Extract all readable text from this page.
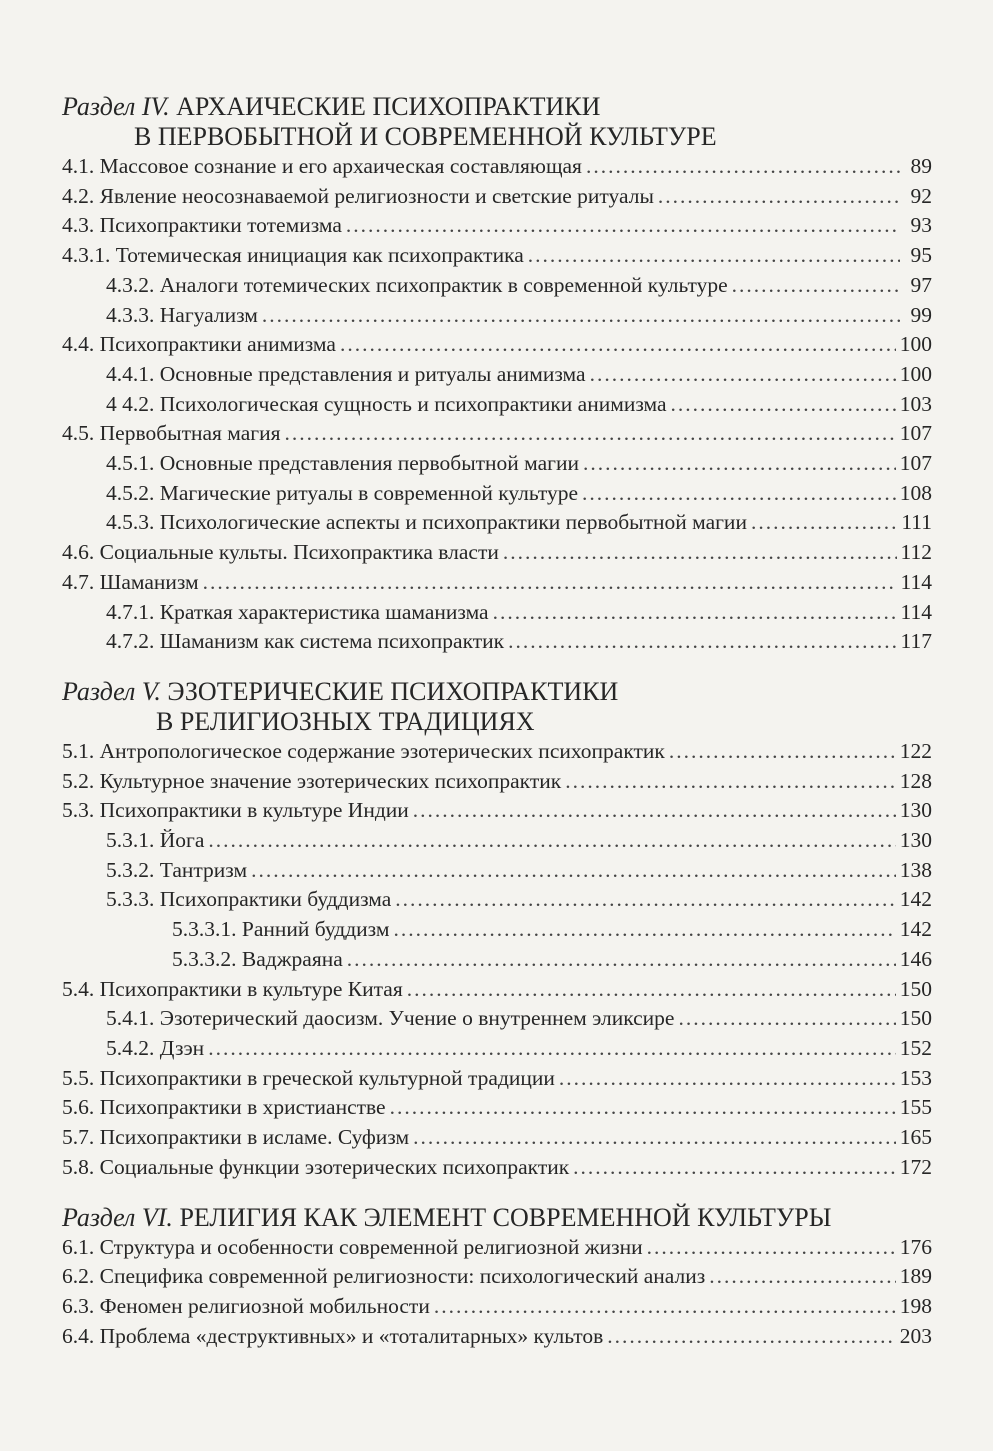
Раздел IV. АРХАИЧЕСКИЕ ПСИХОПРАКТИКИ
В ПЕРВОБЫТНОЙ И СОВРЕМЕННОЙ КУЛЬТУРЕ
4.1. Массовое сознание и его архаическая составляющая .....	89
4.2. Явление неосознаваемой религиозности и светские ритуалы .....	92
4.3. Психопрактики тотемизма .....	93
4.3.1. Тотемическая инициация как психопрактика .....	95
4.3.2. Аналоги тотемических психопрактик в современной культуре .....	97
4.3.3. Нагуализм .....	99
4.4. Психопрактики анимизма .....	100
4.4.1. Основные представления и ритуалы анимизма .....	100
4 4.2. Психологическая сущность и психопрактики анимизма .....	103
4.5. Первобытная магия .....	107
4.5.1. Основные представления первобытной магии .....	107
4.5.2. Магические ритуалы в современной культуре .....	108
4.5.3. Психологические аспекты и психопрактики первобытной магии .....	111
4.6. Социальные культы. Психопрактика власти .....	112
4.7. Шаманизм .....	114
4.7.1. Краткая характеристика шаманизма .....	114
4.7.2. Шаманизм как система психопрактик .....	117
Раздел V. ЭЗОТЕРИЧЕСКИЕ ПСИХОПРАКТИКИ
В РЕЛИГИОЗНЫХ ТРАДИЦИЯХ
5.1. Антропологическое содержание эзотерических психопрактик .....	122
5.2. Культурное значение эзотерических психопрактик .....	128
5.3. Психопрактики в культуре Индии .....	130
5.3.1. Йога .....	130
5.3.2. Тантризм .....	138
5.3.3. Психопрактики буддизма .....	142
5.3.3.1. Ранний буддизм .....	142
5.3.3.2. Ваджраяна .....	146
5.4. Психопрактики в культуре Китая .....	150
5.4.1. Эзотерический даосизм. Учение о внутреннем эликсире .....	150
5.4.2. Дзэн .....	152
5.5. Психопрактики в греческой культурной традиции .....	153
5.6. Психопрактики в христианстве .....	155
5.7. Психопрактики в исламе. Суфизм .....	165
5.8. Социальные функции эзотерических психопрактик .....	172
Раздел VI. РЕЛИГИЯ КАК ЭЛЕМЕНТ СОВРЕМЕННОЙ КУЛЬТУРЫ
6.1. Структура и особенности современной религиозной жизни .....	176
6.2. Специфика современной религиозности: психологический анализ .....	189
6.3. Феномен религиозной мобильности .....	198
6.4. Проблема «деструктивных» и «тоталитарных» культов .....	203
